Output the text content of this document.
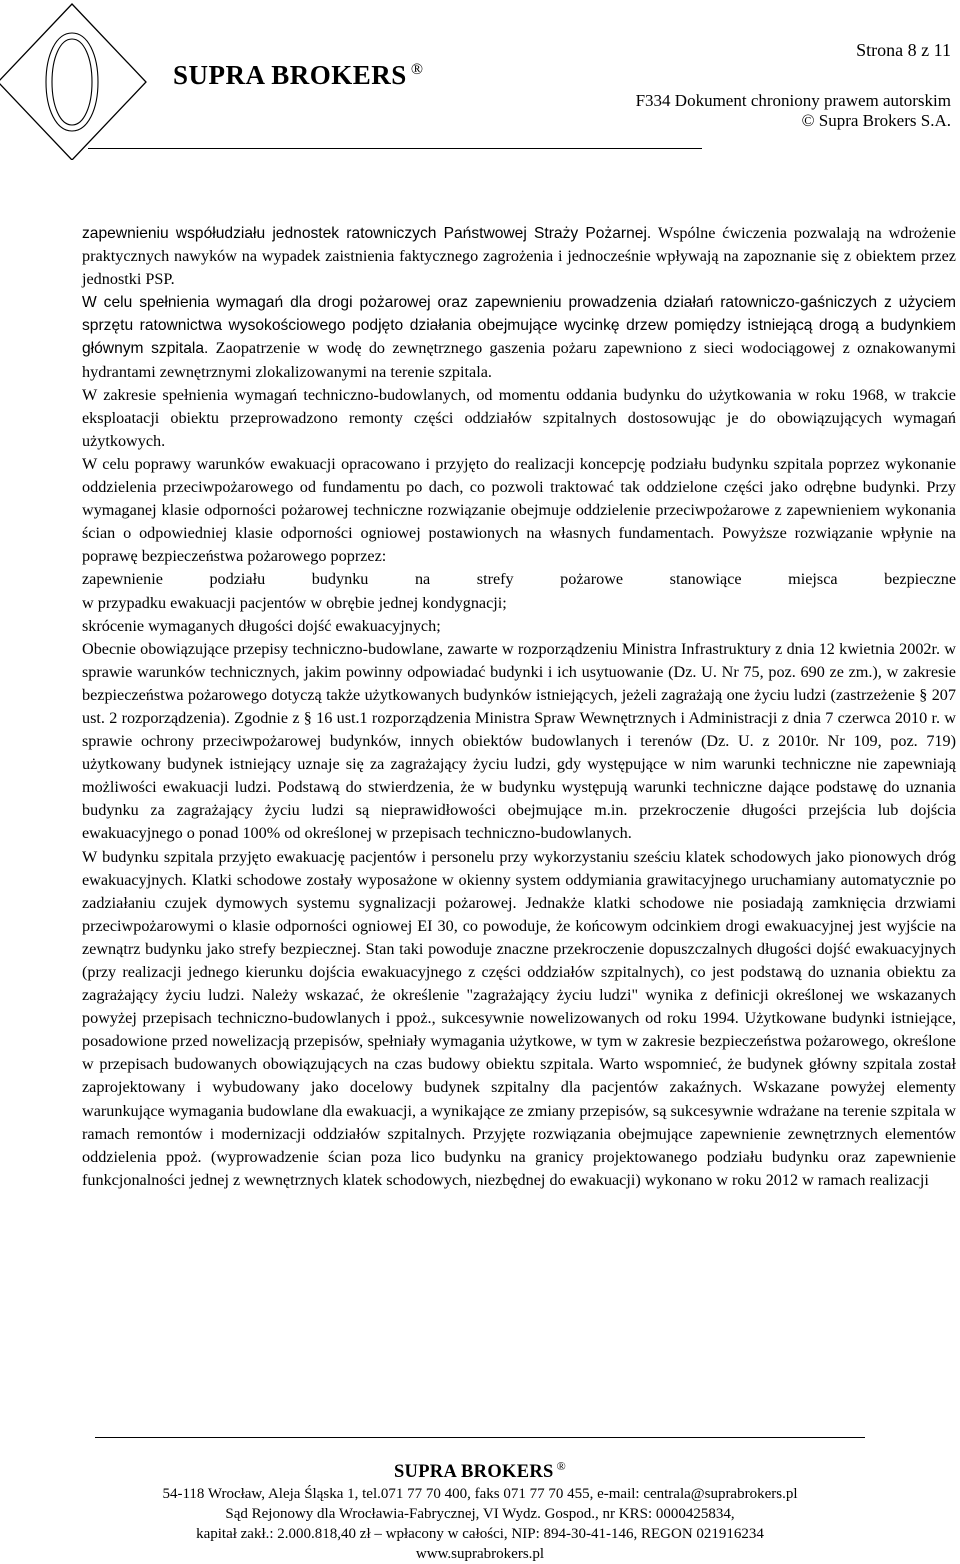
SUPRA BROKERS ®
Strona 8 z 11
F334 Dokument chroniony prawem autorskim
© Supra Brokers S.A.

zapewnieniu współudziału jednostek ratowniczych Państwowej Straży Pożarnej. Wspólne ćwiczenia pozwalają na wdrożenie praktycznych nawyków na wypadek zaistnienia faktycznego zagrożenia i jednocześnie wpływają na zapoznanie się z obiektem przez jednostki PSP.

W celu spełnienia wymagań dla drogi pożarowej oraz zapewnieniu prowadzenia działań ratowniczo-gaśniczych z użyciem sprzętu ratownictwa wysokościowego podjęto działania obejmujące wycinkę drzew pomiędzy istniejącą drogą a budynkiem głównym szpitala. Zaopatrzenie w wodę do zewnętrznego gaszenia pożaru zapewniono z sieci wodociągowej z oznakowanymi hydrantami zewnętrznymi zlokalizowanymi na terenie szpitala.

W zakresie spełnienia wymagań techniczno-budowlanych, od momentu oddania budynku do użytkowania w roku 1968, w trakcie eksploatacji obiektu przeprowadzono remonty części oddziałów szpitalnych dostosowując je do obowiązujących wymagań użytkowych.

W celu poprawy warunków ewakuacji opracowano i przyjęto do realizacji koncepcję podziału budynku szpitala poprzez wykonanie oddzielenia przeciwpożarowego od fundamentu po dach, co pozwoli traktować tak oddzielone części jako odrębne budynki. Przy wymaganej klasie odporności pożarowej techniczne rozwiązanie obejmuje oddzielenie przeciwpożarowe z zapewnieniem wykonania ścian o odpowiedniej klasie odporności ogniowej postawionych na własnych fundamentach. Powyższe rozwiązanie wpłynie na poprawę bezpieczeństwa pożarowego poprzez:

zapewnienie podziału budynku na strefy pożarowe stanowiące miejsca bezpieczne

w przypadku ewakuacji pacjentów w obrębie jednej kondygnacji;

skrócenie wymaganych długości dojść ewakuacyjnych;

Obecnie obowiązujące przepisy techniczno-budowlane, zawarte w rozporządzeniu Ministra Infrastruktury z dnia 12 kwietnia 2002r. w sprawie warunków technicznych, jakim powinny odpowiadać budynki i ich usytuowanie (Dz. U. Nr 75, poz. 690 ze zm.), w zakresie bezpieczeństwa pożarowego dotyczą także użytkowanych budynków istniejących, jeżeli zagrażają one życiu ludzi (zastrzeżenie § 207 ust. 2 rozporządzenia). Zgodnie z § 16 ust.1 rozporządzenia Ministra Spraw Wewnętrznych i Administracji z dnia 7 czerwca 2010 r. w sprawie ochrony przeciwpożarowej budynków, innych obiektów budowlanych i terenów (Dz. U. z 2010r. Nr 109, poz. 719) użytkowany budynek istniejący uznaje się za zagrażający życiu ludzi, gdy występujące w nim warunki techniczne nie zapewniają możliwości ewakuacji ludzi. Podstawą do stwierdzenia, że w budynku występują warunki techniczne dające podstawę do uznania budynku za zagrażający życiu ludzi są nieprawidłowości obejmujące m.in. przekroczenie długości przejścia lub dojścia ewakuacyjnego o ponad 100% od określonej w przepisach techniczno-budowlanych.

W budynku szpitala przyjęto ewakuację pacjentów i personelu przy wykorzystaniu sześciu klatek schodowych jako pionowych dróg ewakuacyjnych. Klatki schodowe zostały wyposażone w okienny system oddymiania grawitacyjnego uruchamiany automatycznie po zadziałaniu czujek dymowych systemu sygnalizacji pożarowej. Jednakże klatki schodowe nie posiadają zamknięcia drzwiami przeciwpożarowymi o klasie odporności ogniowej EI 30, co powoduje, że końcowym odcinkiem drogi ewakuacyjnej jest wyjście na zewnątrz budynku jako strefy bezpiecznej. Stan taki powoduje znaczne przekroczenie dopuszczalnych długości dojść ewakuacyjnych (przy realizacji jednego kierunku dojścia ewakuacyjnego z części oddziałów szpitalnych), co jest podstawą do uznania obiektu za zagrażający życiu ludzi. Należy wskazać, że określenie "zagrażający życiu ludzi" wynika z definicji określonej we wskazanych powyżej przepisach techniczno-budowlanych i ppoż., sukcesywnie nowelizowanych od roku 1994. Użytkowane budynki istniejące, posadowione przed nowelizacją przepisów, spełniały wymagania użytkowe, w tym w zakresie bezpieczeństwa pożarowego, określone w przepisach budowanych obowiązujących na czas budowy obiektu szpitala. Warto wspomnieć, że budynek główny szpitala został zaprojektowany i wybudowany jako docelowy budynek szpitalny dla pacjentów zakaźnych. Wskazane powyżej elementy warunkujące wymagania budowlane dla ewakuacji, a wynikające ze zmiany przepisów, są sukcesywnie wdrażane na terenie szpitala w ramach remontów i modernizacji oddziałów szpitalnych. Przyjęte rozwiązania obejmujące zapewnienie zewnętrznych elementów oddzielenia ppoż. (wyprowadzenie ścian poza lico budynku na granicy projektowanego podziału budynku oraz zapewnienie funkcjonalności jednej z wewnętrznych klatek schodowych, niezbędnej do ewakuacji) wykonano w roku 2012 w ramach realizacji

SUPRA BROKERS ®
54-118 Wrocław, Aleja Śląska 1, tel.071 77 70 400, faks 071 77 70 455, e-mail: centrala@suprabrokers.pl
Sąd Rejonowy dla Wrocławia-Fabrycznej, VI Wydz. Gospod., nr KRS: 0000425834,
kapitał zakł.: 2.000.818,40 zł – wpłacony w całości, NIP: 894-30-41-146, REGON 021916234
www.suprabrokers.pl
